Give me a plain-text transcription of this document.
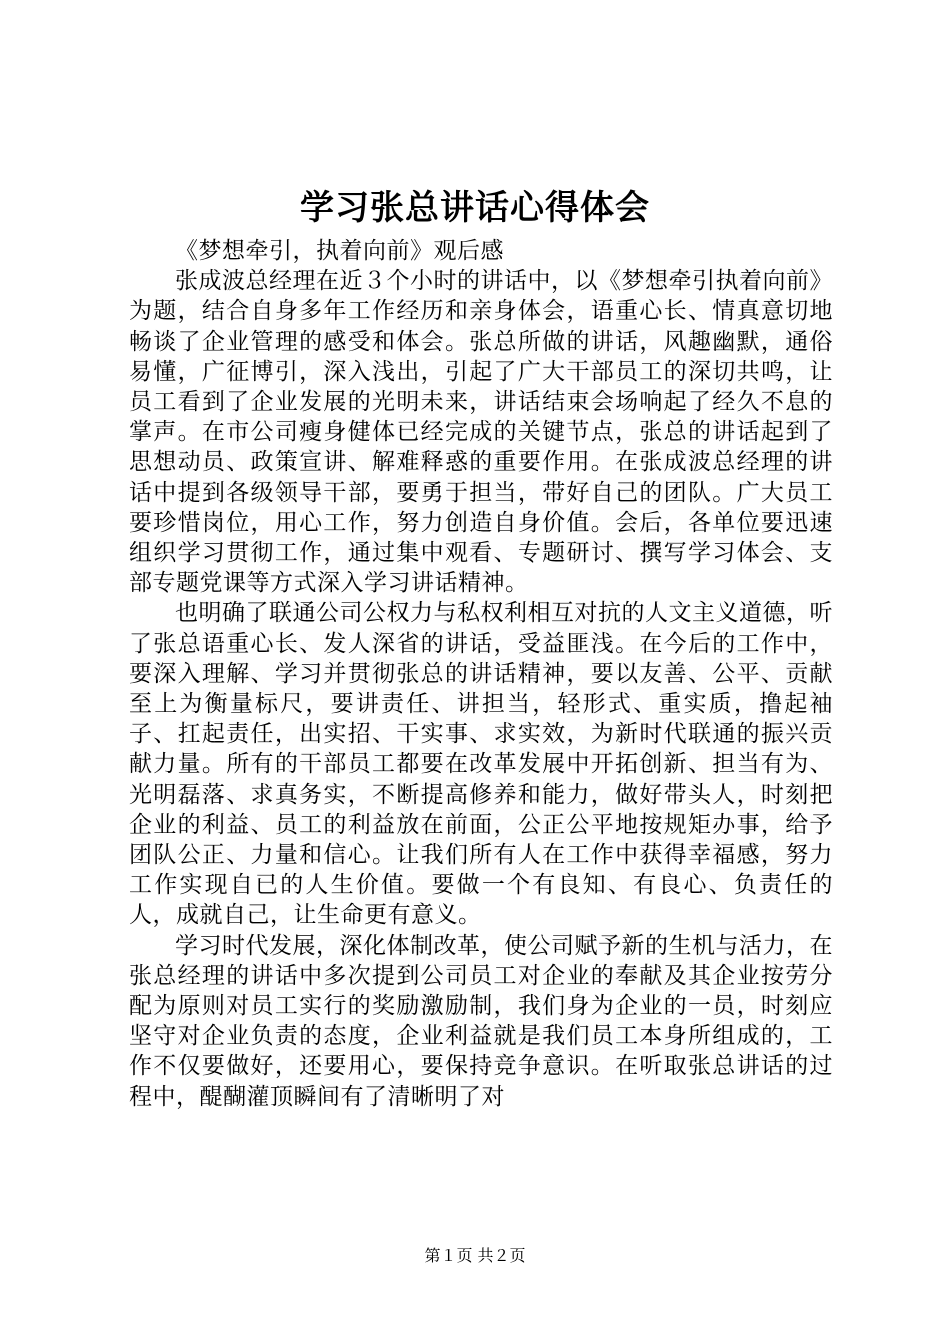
学习张总讲话心得体会

《梦想牵引，执着向前》观后感

张成波总经理在近３个小时的讲话中，以《梦想牵引执着向前》为题，结合自身多年工作经历和亲身体会，语重心长、情真意切地畅谈了企业管理的感受和体会。张总所做的讲话，风趣幽默，通俗易懂，广征博引，深入浅出，引起了广大干部员工的深切共鸣，让员工看到了企业发展的光明未来，讲话结束会场响起了经久不息的掌声。在市公司瘦身健体已经完成的关键节点，张总的讲话起到了思想动员、政策宣讲、解难释惑的重要作用。在张成波总经理的讲话中提到各级领导干部，要勇于担当，带好自己的团队。广大员工要珍惜岗位，用心工作，努力创造自身价值。会后，各单位要迅速组织学习贯彻工作，通过集中观看、专题研讨、撰写学习体会、支部专题党课等方式深入学习讲话精神。

也明确了联通公司公权力与私权利相互对抗的人文主义道德，听了张总语重心长、发人深省的讲话，受益匪浅。在今后的工作中，要深入理解、学习并贯彻张总的讲话精神，要以友善、公平、贡献至上为衡量标尺，要讲责任、讲担当，轻形式、重实质，撸起袖子、扛起责任，出实招、干实事、求实效，为新时代联通的振兴贡献力量。所有的干部员工都要在改革发展中开拓创新、担当有为、光明磊落、求真务实，不断提高修养和能力，做好带头人，时刻把企业的利益、员工的利益放在前面，公正公平地按规矩办事，给予团队公正、力量和信心。让我们所有人在工作中获得幸福感，努力工作实现自已的人生价值。要做一个有良知、有良心、负责任的人，成就自己，让生命更有意义。

学习时代发展，深化体制改革，使公司赋予新的生机与活力，在张总经理的讲话中多次提到公司员工对企业的奉献及其企业按劳分配为原则对员工实行的奖励激励制，我们身为企业的一员，时刻应坚守对企业负责的态度，企业利益就是我们员工本身所组成的，工作不仅要做好，还要用心，要保持竞争意识。在听取张总讲话的过程中，醍醐灌顶瞬间有了清晰明了对

第１页 共２页
